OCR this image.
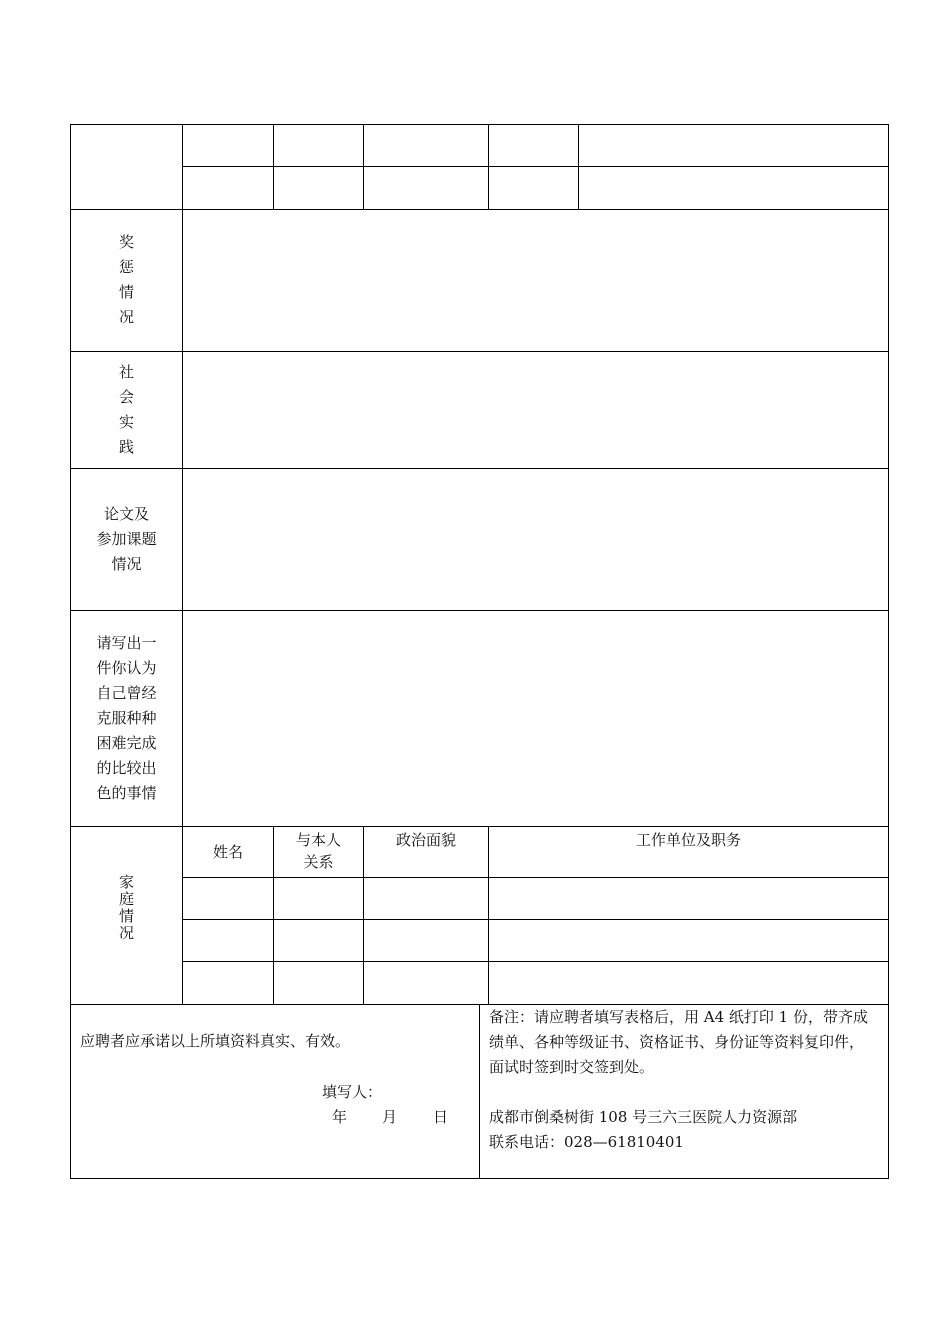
奖
惩
情
况
社
会
实
践
论文及
参加课题
情况
请写出一
件你认为
自己曾经
克服种种
困难完成
的比较出
色的事情
家
庭
情
况
姓名
与本人
关系
政治面貌	工作单位及职务
应聘者应承诺以上所填资料真实、有效。
填写人：
年 月 日
备注：请应聘者填写表格后，用 A4 纸打印 1 份，带齐成
绩单、各种等级证书、资格证书、身份证等资料复印件，
面试时签到时交签到处。
成都市倒桑树街 108 号三六三医院人力资源部
联系电话：028—61810401
